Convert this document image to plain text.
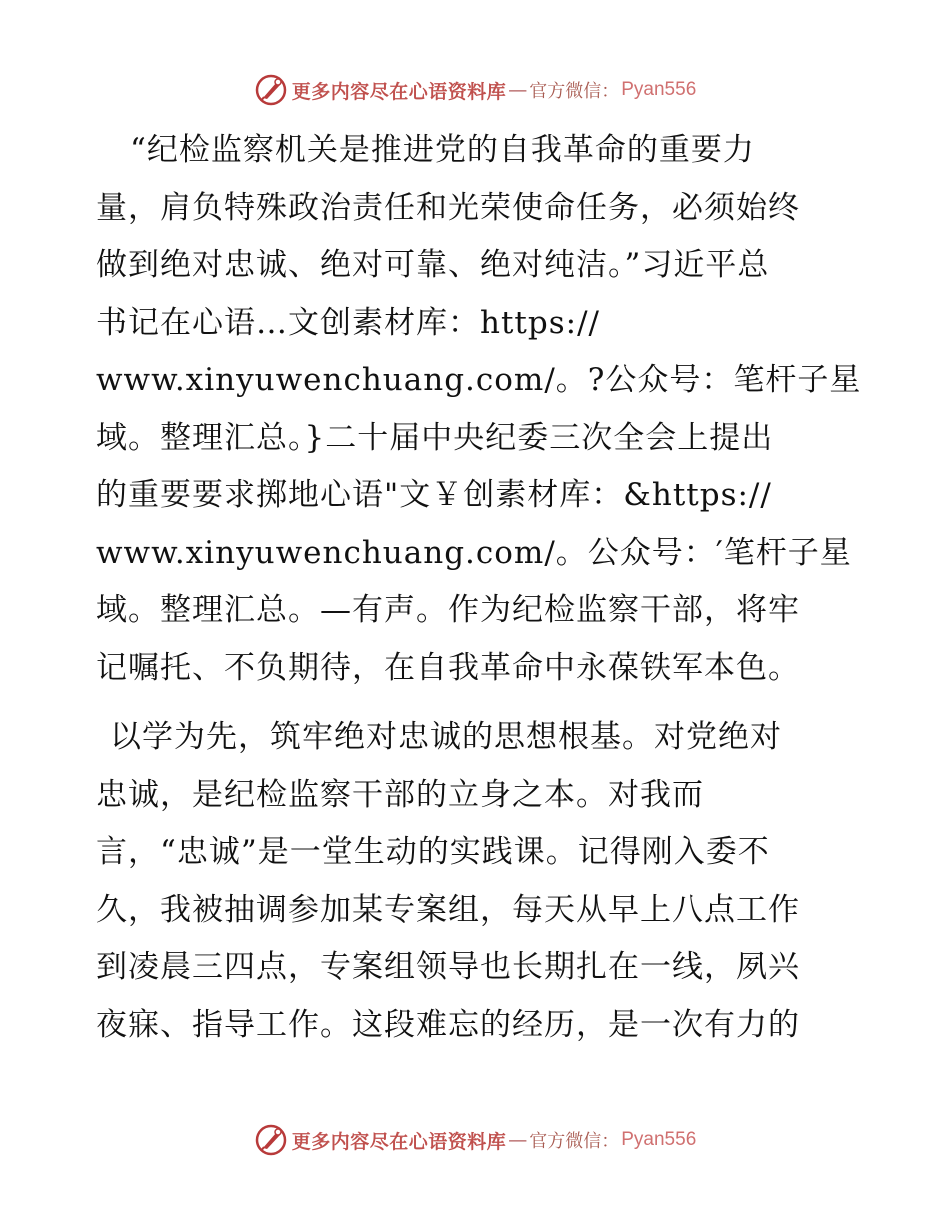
更多内容尽在心语资料库 — 官方微信： Pyan556

“纪检监察机关是推进党的自我革命的重要力
量，肩负特殊政治责任和光荣使命任务，必须始终
做到绝对忠诚、绝对可靠、绝对纯洁。”习近平总
书记在心语…文创素材库：https://
www.xinyuwenchuang.com/。?公众号：笔杆子星
域。整理汇总。}二十届中央纪委三次全会上提出
的重要要求掷地心语"文￥创素材库：&https://
www.xinyuwenchuang.com/。公众号：′笔杆子星
域。整理汇总。—有声。作为纪检监察干部，将牢
记嘱托、不负期待，在自我革命中永葆铁军本色。

以学为先，筑牢绝对忠诚的思想根基。对党绝对
忠诚，是纪检监察干部的立身之本。对我而
言，“忠诚”是一堂生动的实践课。记得刚入委不
久，我被抽调参加某专案组，每天从早上八点工作
到凌晨三四点，专案组领导也长期扎在一线，夙兴
夜寐、指导工作。这段难忘的经历，是一次有力的

更多内容尽在心语资料库 — 官方微信： Pyan556
